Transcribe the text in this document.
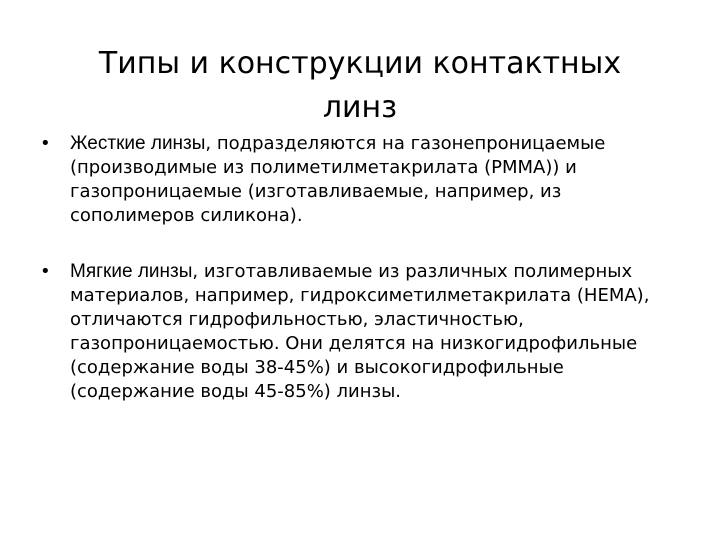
Типы и конструкции контактных
линз
•	Жесткие линзы, подразделяются на газонепроницаемые (производимые из полиметилметакрилата (PMMA)) и газопроницаемые (изготавливаемые, например, из сополимеров силикона).
•	Мягкие линзы, изготавливаемые из различных полимерных материалов, например, гидроксиметилметакрилата (HEMA), отличаются гидрофильностью, эластичностью, газопроницаемостью. Они делятся на низкогидрофильные (содержание воды 38-45%) и высокогидрофильные (содержание воды 45-85%) линзы.
